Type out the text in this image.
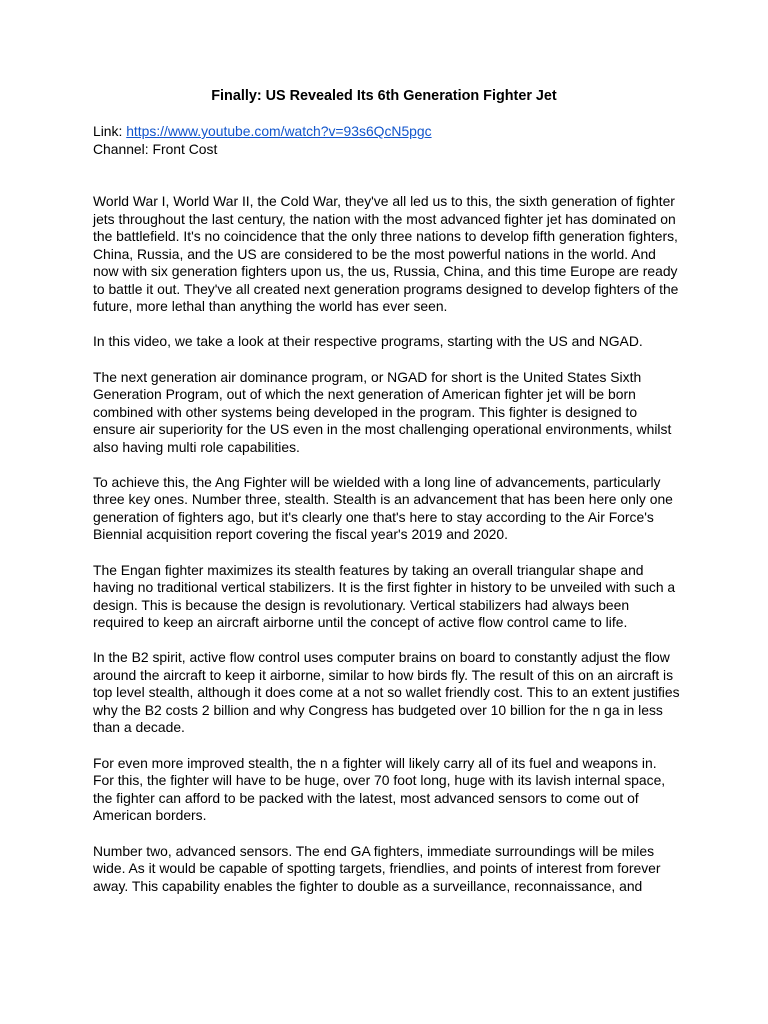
Finally: US Revealed Its 6th Generation Fighter Jet

Link: https://www.youtube.com/watch?v=93s6QcN5pgc

Channel: Front Cost

World War I, World War II, the Cold War, they've all led us to this, the sixth generation of fighter jets throughout the last century, the nation with the most advanced fighter jet has dominated on the battlefield. It's no coincidence that the only three nations to develop fifth generation fighters, China, Russia, and the US are considered to be the most powerful nations in the world. And now with six generation fighters upon us, the us, Russia, China, and this time Europe are ready to battle it out. They've all created next generation programs designed to develop fighters of the future, more lethal than anything the world has ever seen.

In this video, we take a look at their respective programs, starting with the US and NGAD.

The next generation air dominance program, or NGAD for short is the United States Sixth Generation Program, out of which the next generation of American fighter jet will be born combined with other systems being developed in the program. This fighter is designed to ensure air superiority for the US even in the most challenging operational environments, whilst also having multi role capabilities.

To achieve this, the Ang Fighter will be wielded with a long line of advancements, particularly three key ones. Number three, stealth. Stealth is an advancement that has been here only one generation of fighters ago, but it's clearly one that's here to stay according to the Air Force's Biennial acquisition report covering the fiscal year's 2019 and 2020.

The Engan fighter maximizes its stealth features by taking an overall triangular shape and having no traditional vertical stabilizers. It is the first fighter in history to be unveiled with such a design. This is because the design is revolutionary. Vertical stabilizers had always been required to keep an aircraft airborne until the concept of active flow control came to life.

In the B2 spirit, active flow control uses computer brains on board to constantly adjust the flow around the aircraft to keep it airborne, similar to how birds fly. The result of this on an aircraft is top level stealth, although it does come at a not so wallet friendly cost. This to an extent justifies why the B2 costs 2 billion and why Congress has budgeted over 10 billion for the n ga in less than a decade.

For even more improved stealth, the n a fighter will likely carry all of its fuel and weapons in. For this, the fighter will have to be huge, over 70 foot long, huge with its lavish internal space, the fighter can afford to be packed with the latest, most advanced sensors to come out of American borders.

Number two, advanced sensors. The end GA fighters, immediate surroundings will be miles wide. As it would be capable of spotting targets, friendlies, and points of interest from forever away. This capability enables the fighter to double as a surveillance, reconnaissance, and
